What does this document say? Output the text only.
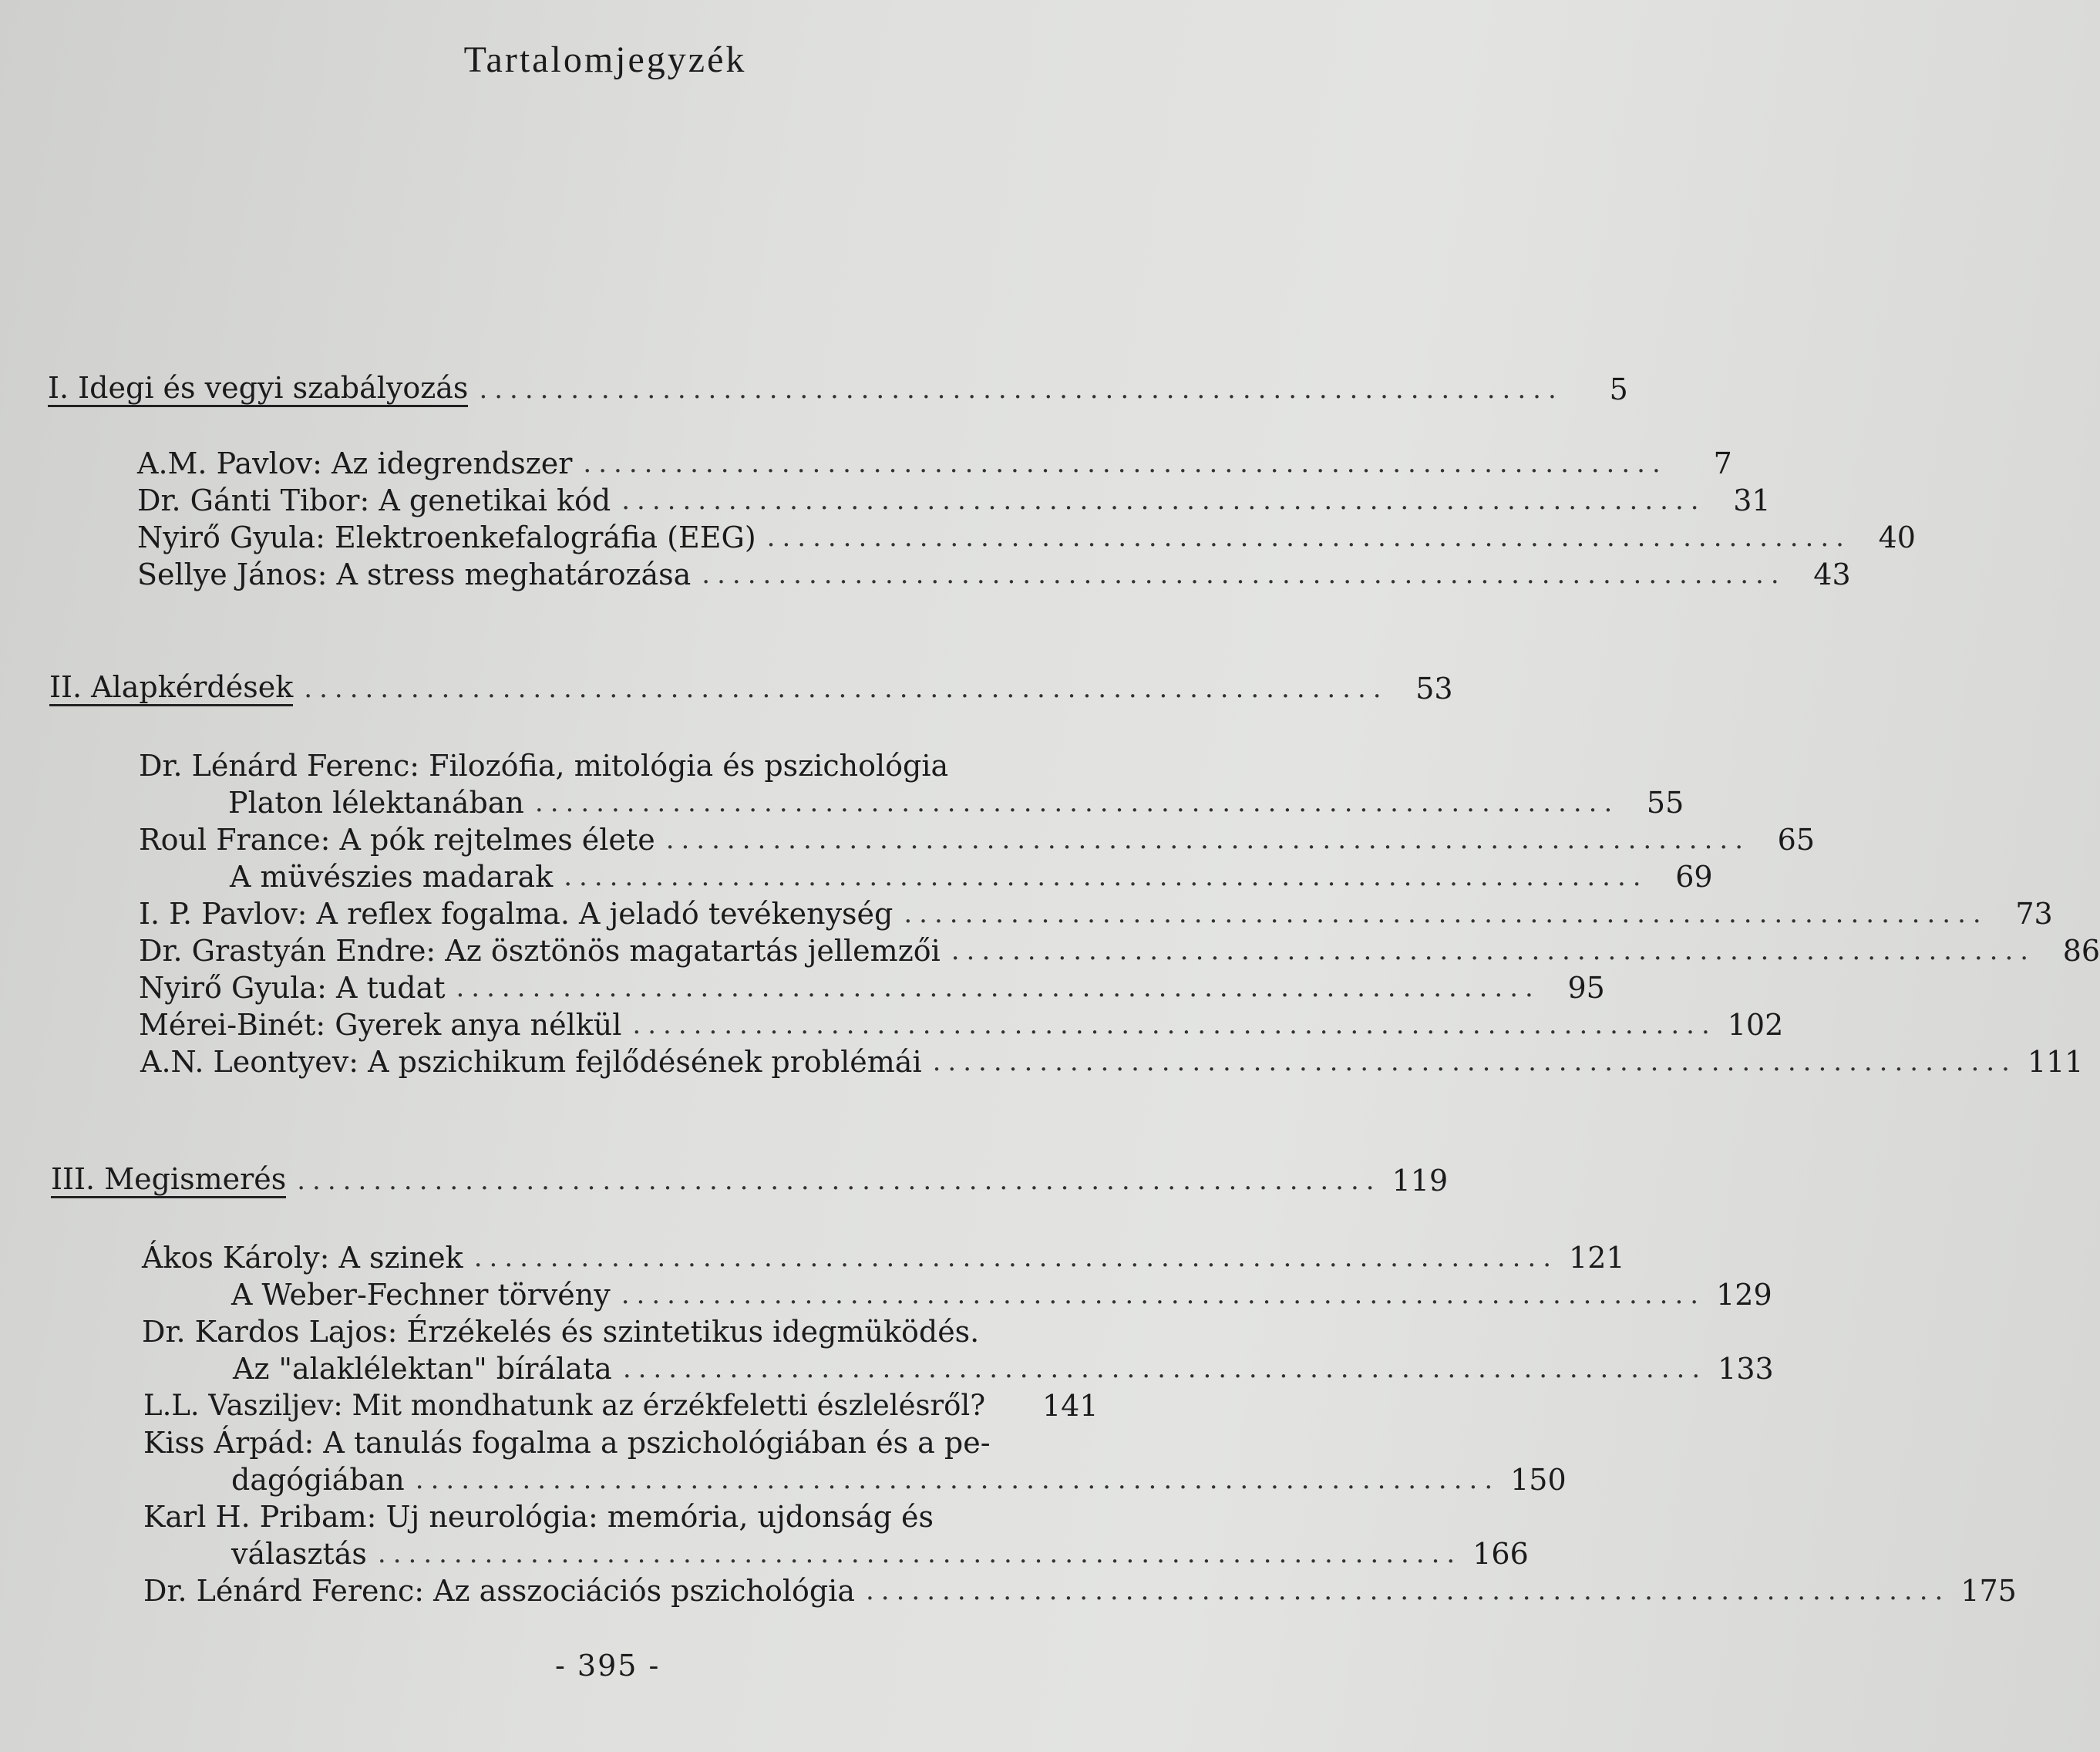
Tartalomjegyzék
I. Idegi és vegyi szabályozás .......................................................................	5
A.M. Pavlov: Az idegrendszer .......................................................................	7
Dr. Gánti Tibor: A genetikai kód ....................................................................... 31
Nyirő Gyula: Elektroenkefalográfia (EEG) ....................................................................... 40
Sellye János: A stress meghatározása ....................................................................... 43
II. Alapkérdések ....................................................................... 53
Dr. Lénárd Ferenc: Filozófia, mitológia és pszichológia
Platon lélektanában ....................................................................... 55
Roul France: A pók rejtelmes élete ....................................................................... 65
A müvészies madarak ....................................................................... 69
I. P. Pavlov: A reflex fogalma. A jeladó tevékenység ....................................................................... 73
Dr. Grastyán Endre: Az ösztönös magatartás jellemzői ....................................................................... 86
Nyirő Gyula: A tudat ....................................................................... 95
Mérei-Binét: Gyerek anya nélkül ....................................................................... 102
A.N. Leontyev: A pszichikum fejlődésének problémái ....................................................................... 111
III. Megismerés ....................................................................... 119
Ákos Károly: A szinek ....................................................................... 121
A Weber-Fechner törvény ....................................................................... 129
Dr. Kardos Lajos: Érzékelés és szintetikus idegmüködés.
Az "alaklélektan" bírálata ....................................................................... 133
L.L. Vasziljev: Mit mondhatunk az érzékfeletti észlelésről? 141
Kiss Árpád: A tanulás fogalma a pszichológiában és a pe-
dagógiában ....................................................................... 150
Karl H. Pribam: Uj neurológia: memória, ujdonság és
választás ....................................................................... 166
Dr. Lénárd Ferenc: Az asszociációs pszichológia ....................................................................... 175
- 395 -
